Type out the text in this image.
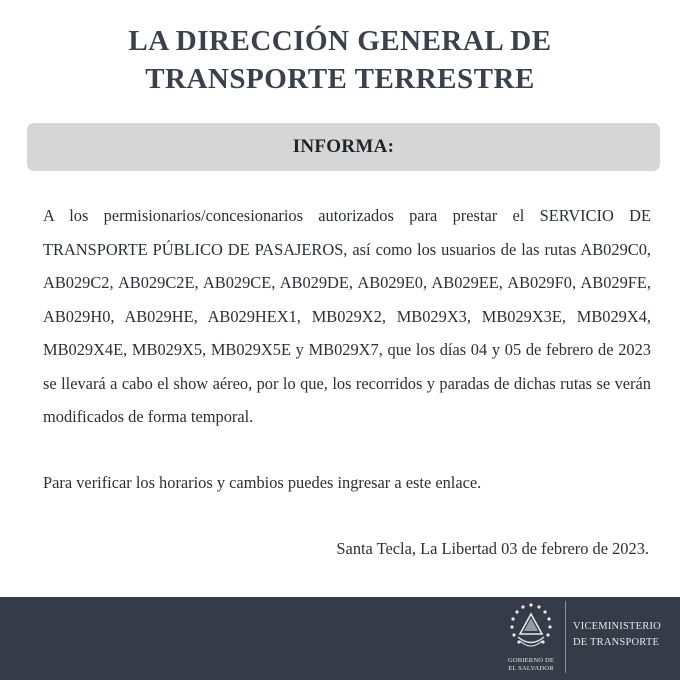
LA DIRECCIÓN GENERAL DE
TRANSPORTE TERRESTRE
INFORMA:
A los permisionarios/concesionarios autorizados para prestar el SERVICIO DE TRANSPORTE PÚBLICO DE PASAJEROS, así como los usuarios de las rutas AB029C0, AB029C2, AB029C2E, AB029CE, AB029DE, AB029E0, AB029EE, AB029F0, AB029FE, AB029H0, AB029HE, AB029HEX1, MB029X2, MB029X3, MB029X3E, MB029X4, MB029X4E, MB029X5, MB029X5E y MB029X7, que los días 04 y 05 de febrero de 2023 se llevará a cabo el show aéreo, por lo que, los recorridos y paradas de dichas rutas se verán modificados de forma temporal.
Para verificar los horarios y cambios puedes ingresar a este enlace.
Santa Tecla, La Libertad 03 de febrero de 2023.
GOBIERNO DE
EL SALVADOR
VICEMINISTERIO
DE TRANSPORTE
